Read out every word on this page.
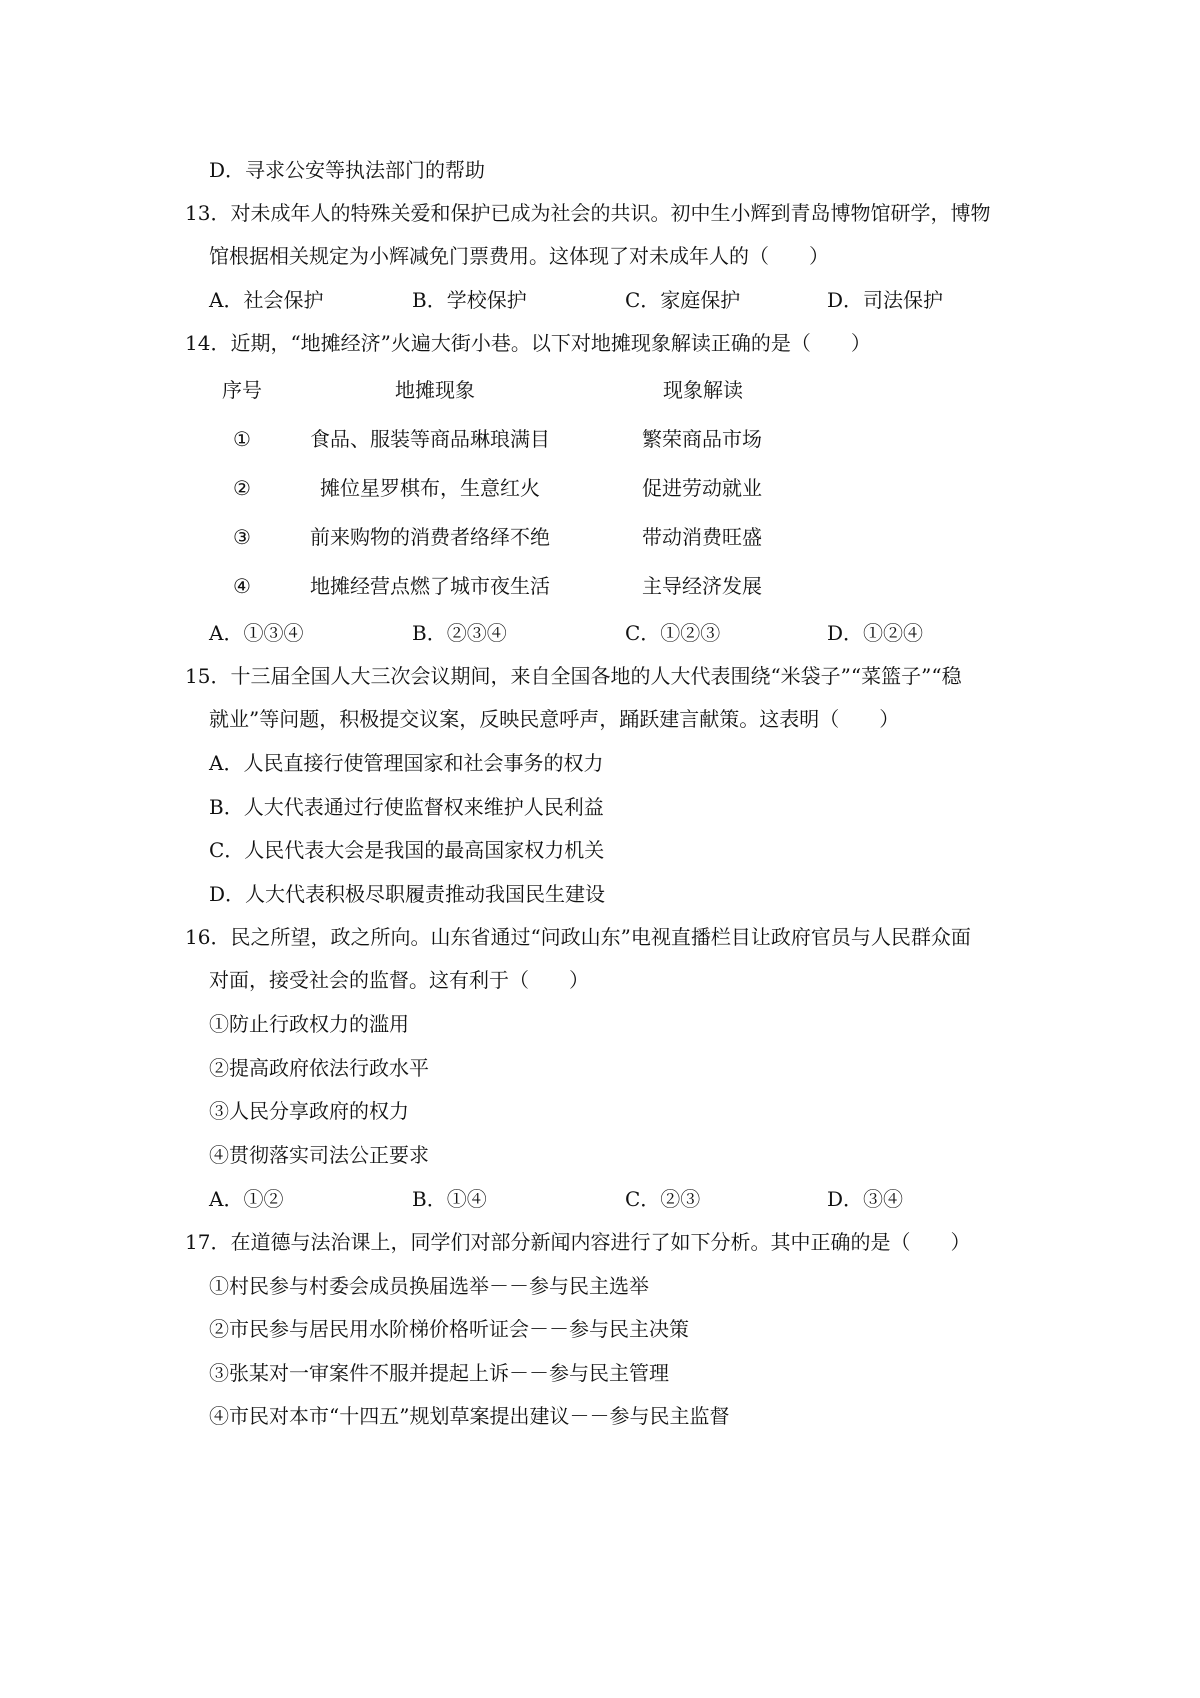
D．寻求公安等执法部门的帮助
13．对未成年人的特殊关爱和保护已成为社会的共识。初中生小辉到青岛博物馆研学，博物
馆根据相关规定为小辉减免门票费用。这体现了对未成年人的（　　）
A．社会保护	B．学校保护	C．家庭保护	D．司法保护
14．近期，“地摊经济”火遍大街小巷。以下对地摊现象解读正确的是（　　）
序号	地摊现象	现象解读
①	食品、服装等商品琳琅满目	繁荣商品市场
②	摊位星罗棋布，生意红火	促进劳动就业
③	前来购物的消费者络绎不绝	带动消费旺盛
④	地摊经营点燃了城市夜生活	主导经济发展
A．①③④	B．②③④	C．①②③	D．①②④
15．十三届全国人大三次会议期间，来自全国各地的人大代表围绕“米袋子”“菜篮子”“稳
就业”等问题，积极提交议案，反映民意呼声，踊跃建言献策。这表明（　　）
A．人民直接行使管理国家和社会事务的权力
B．人大代表通过行使监督权来维护人民利益
C．人民代表大会是我国的最高国家权力机关
D．人大代表积极尽职履责推动我国民生建设
16．民之所望，政之所向。山东省通过“问政山东”电视直播栏目让政府官员与人民群众面
对面，接受社会的监督。这有利于（　　）
①防止行政权力的滥用
②提高政府依法行政水平
③人民分享政府的权力
④贯彻落实司法公正要求
A．①②	B．①④	C．②③	D．③④
17．在道德与法治课上，同学们对部分新闻内容进行了如下分析。其中正确的是（　　）
①村民参与村委会成员换届选举－－参与民主选举
②市民参与居民用水阶梯价格听证会－－参与民主决策
③张某对一审案件不服并提起上诉－－参与民主管理
④市民对本市“十四五”规划草案提出建议－－参与民主监督
